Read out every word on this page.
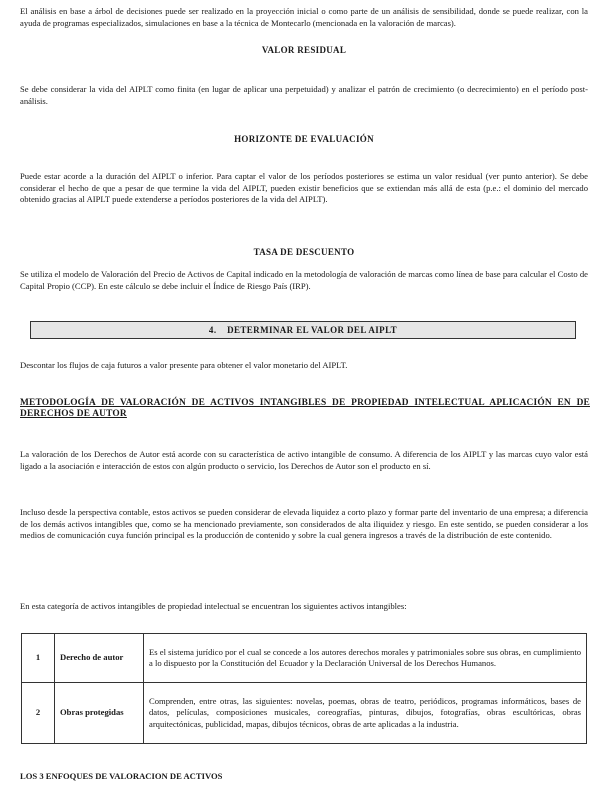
El análisis en base a árbol de decisiones puede ser realizado en la proyección inicial o como parte de un análisis de sensibilidad, donde se puede realizar, con la ayuda de programas especializados, simulaciones en base a la técnica de Montecarlo (mencionada en la valoración de marcas).

VALOR RESIDUAL

Se debe considerar la vida del AIPLT como finita (en lugar de aplicar una perpetuidad) y analizar el patrón de crecimiento (o decrecimiento) en el período post-análisis.

HORIZONTE DE EVALUACIÓN

Puede estar acorde a la duración del AIPLT o inferior. Para captar el valor de los períodos posteriores se estima un valor residual (ver punto anterior). Se debe considerar el hecho de que a pesar de que termine la vida del AIPLT, pueden existir beneficios que se extiendan más allá de esta (p.e.: el dominio del mercado obtenido gracias al AIPLT puede extenderse a períodos posteriores de la vida del AIPLT).

TASA DE DESCUENTO

Se utiliza el modelo de Valoración del Precio de Activos de Capital indicado en la metodología de valoración de marcas como línea de base para calcular el Costo de Capital Propio (CCP). En este cálculo se debe incluir el Índice de Riesgo País (IRP).

4.    DETERMINAR EL VALOR DEL AIPLT

Descontar los flujos de caja futuros a valor presente para obtener el valor monetario del AIPLT.

METODOLOGÍA DE VALORACIÓN DE ACTIVOS INTANGIBLES DE PROPIEDAD INTELECTUAL APLICACIÓN EN DE DERECHOS DE AUTOR

La valoración de los Derechos de Autor está acorde con su característica de activo intangible de consumo. A diferencia de los AIPLT y las marcas cuyo valor está ligado a la asociación e interacción de estos con algún producto o servicio, los Derechos de Autor son el producto en sí.

Incluso desde la perspectiva contable, estos activos se pueden considerar de elevada liquidez a corto plazo y formar parte del inventario de una empresa; a diferencia de los demás activos intangibles que, como se ha mencionado previamente, son considerados de alta iliquidez y riesgo. En este sentido, se pueden considerar a los medios de comunicación cuya función principal es la producción de contenido y sobre la cual genera ingresos a través de la distribución de este contenido.

En esta categoría de activos intangibles de propiedad intelectual se encuentran los siguientes activos intangibles:

1	Derecho de autor	Es el sistema jurídico por el cual se concede a los autores derechos morales y patrimoniales sobre sus obras, en cumplimiento a lo dispuesto por la Constitución del Ecuador y la Declaración Universal de los Derechos Humanos.
2	Obras protegidas	Comprenden, entre otras, las siguientes: novelas, poemas, obras de teatro, periódicos, programas informáticos, bases de datos, películas, composiciones musicales, coreografías, pinturas, dibujos, fotografías, obras escultóricas, obras arquitectónicas, publicidad, mapas, dibujos técnicos, obras de arte aplicadas a la industria.

LOS 3 ENFOQUES DE VALORACION DE ACTIVOS
